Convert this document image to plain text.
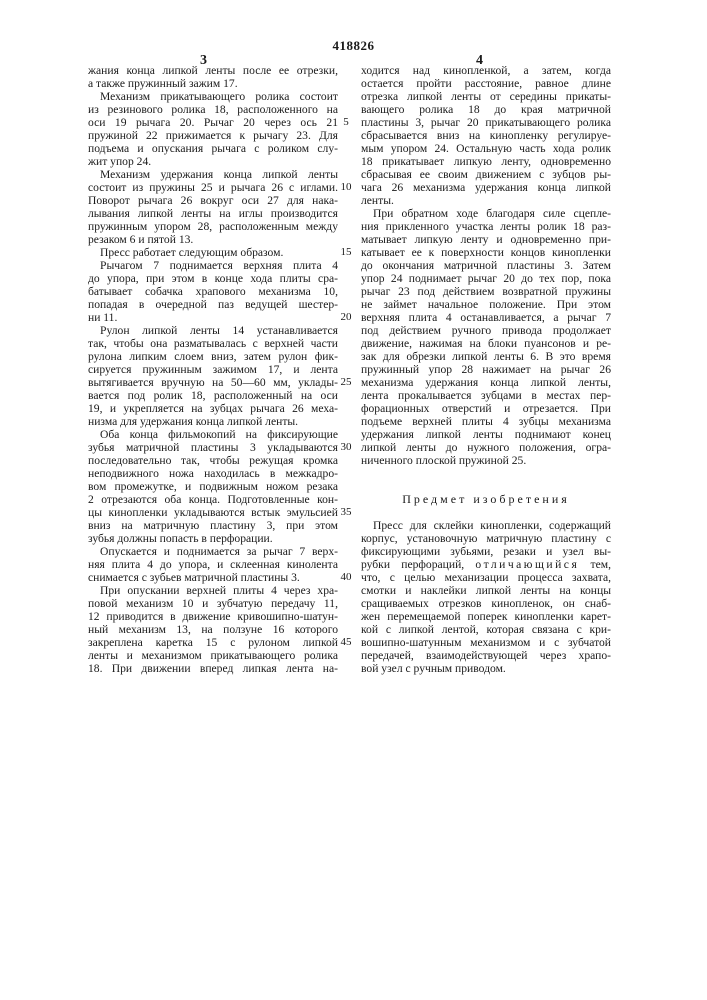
418826
3	4
жания конца липкой ленты после ее отрезки,
а также пружинный зажим 17.
Механизм прикатывающего ролика состоит
из резинового ролика 18, расположенного на
оси 19 рычага 20. Рычаг 20 через ось 21
пружиной 22 прижимается к рычагу 23. Для
подъема и опускания рычага с роликом слу-
жит упор 24.
Механизм удержания конца липкой ленты
состоит из пружины 25 и рычага 26 с иглами.
Поворот рычага 26 вокруг оси 27 для нака-
лывания липкой ленты на иглы производится
пружинным упором 28, расположенным между
резаком 6 и пятой 13.
Пресс работает следующим образом.
Рычагом 7 поднимается верхняя плита 4
до упора, при этом в конце хода плиты сра-
батывает собачка храпового механизма 10,
попадая в очередной паз ведущей шестер-
ни 11.
Рулон липкой ленты 14 устанавливается
так, чтобы она разматывалась с верхней части
рулона липким слоем вниз, затем рулон фик-
сируется пружинным зажимом 17, и лента
вытягивается вручную на 50—60 мм, уклады-
вается под ролик 18, расположенный на оси
19, и укрепляется на зубцах рычага 26 меха-
низма для удержания конца липкой ленты.
Оба конца фильмокопий на фиксирующие
зубья матричной пластины 3 укладываются
последовательно так, чтобы режущая кромка
неподвижного ножа находилась в межкадро-
вом промежутке, и подвижным ножом резака
2 отрезаются оба конца. Подготовленные кон-
цы кинопленки укладываются встык эмульсией
вниз на матричную пластину 3, при этом
зубья должны попасть в перфорации.
Опускается и поднимается за рычаг 7 верх-
няя плита 4 до упора, и склеенная кинолента
снимается с зубьев матричной пластины 3.
При опускании верхней плиты 4 через хра-
повой механизм 10 и зубчатую передачу 11,
12 приводится в движение кривошипно-шатун-
ный механизм 13, на ползуне 16 которого
закреплена каретка 15 с рулоном липкой
ленты и механизмом прикатывающего ролика
18. При движении вперед липкая лента на-
ходится над кинопленкой, а затем, когда
остается пройти расстояние, равное длине
отрезка липкой ленты от середины прикаты-
вающего ролика 18 до края матричной
пластины 3, рычаг 20 прикатывающего ролика
сбрасывается вниз на кинопленку регулируе-
мым упором 24. Остальную часть хода ролик
18 прикатывает липкую ленту, одновременно
сбрасывая ее своим движением с зубцов ры-
чага 26 механизма удержания конца липкой
ленты.
При обратном ходе благодаря силе сцепле-
ния прикленного участка ленты ролик 18 раз-
матывает липкую ленту и одновременно при-
катывает ее к поверхности концов кинопленки
до окончания матричной пластины 3. Затем
упор 24 поднимает рычаг 20 до тех пор, пока
рычаг 23 под действием возвратной пружины
не займет начальное положение. При этом
верхняя плита 4 останавливается, а рычаг 7
под действием ручного привода продолжает
движение, нажимая на блоки пуансонов и ре-
зак для обрезки липкой ленты 6. В это время
пружинный упор 28 нажимает на рычаг 26
механизма удержания конца липкой ленты,
лента прокалывается зубцами в местах пер-
форационных отверстий и отрезается. При
подъеме верхней плиты 4 зубцы механизма
удержания липкой ленты поднимают конец
липкой ленты до нужного положения, огра-
ниченного плоской пружиной 25.
Предмет изобретения
Пресс для склейки кинопленки, содержащий
корпус, установочную матричную пластину с
фиксирующими зубьями, резаки и узел вы-
рубки перфораций, отличающийся тем,
что, с целью механизации процесса захвата,
смотки и наклейки липкой ленты на концы
сращиваемых отрезков кинопленок, он снаб-
жен перемещаемой поперек кинопленки карет-
кой с липкой лентой, которая связана с кри-
вошипно-шатунным механизмом и с зубчатой
передачей, взаимодействующей через храпо-
вой узел с ручным приводом.
5
10
15
20
25
30
35
40
45
